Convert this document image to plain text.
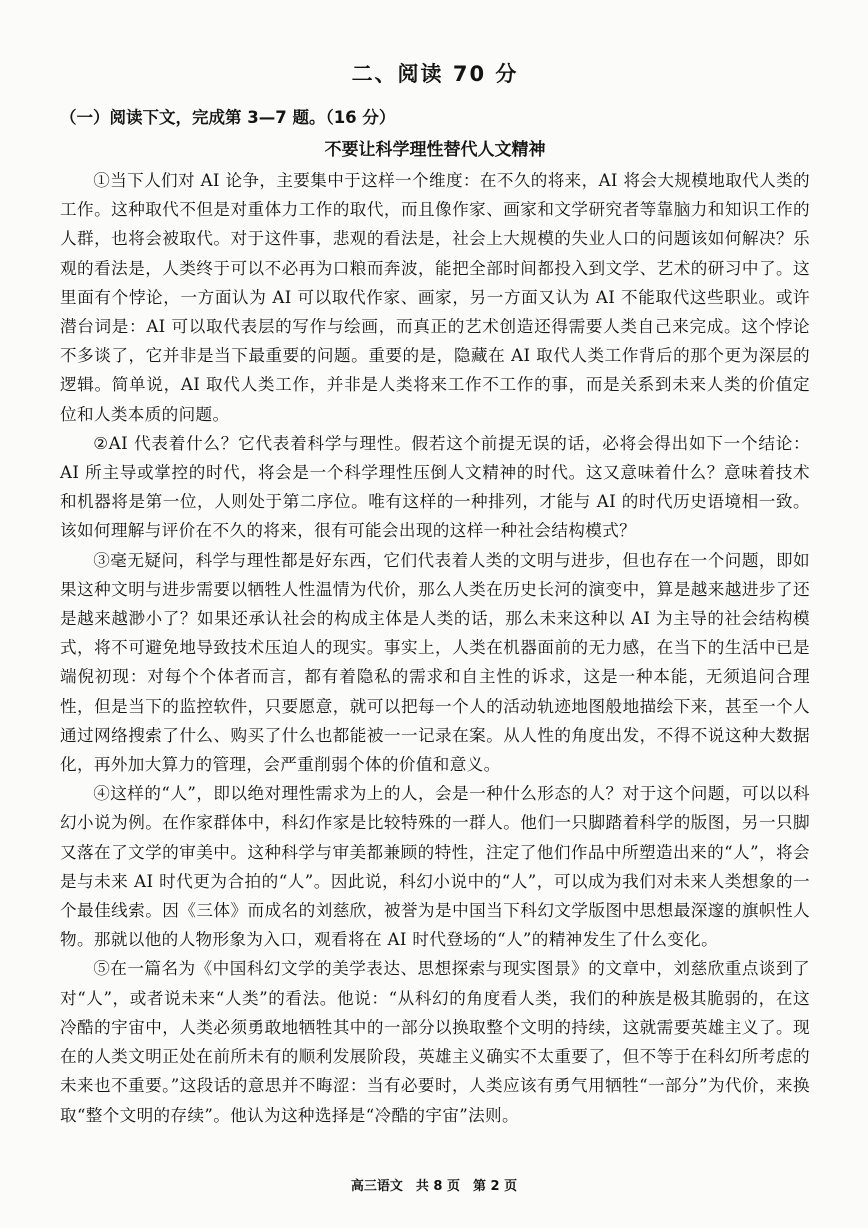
二、阅读 70 分

（一）阅读下文，完成第 3—7 题。（16 分）

不要让科学理性替代人文精神

①当下人们对 AI 论争，主要集中于这样一个维度：在不久的将来，AI 将会大规模地取代人类的工作。这种取代不但是对重体力工作的取代，而且像作家、画家和文学研究者等靠脑力和知识工作的人群，也将会被取代。对于这件事，悲观的看法是，社会上大规模的失业人口的问题该如何解决？乐观的看法是，人类终于可以不必再为口粮而奔波，能把全部时间都投入到文学、艺术的研习中了。这里面有个悖论，一方面认为 AI 可以取代作家、画家，另一方面又认为 AI 不能取代这些职业。或许潜台词是：AI 可以取代表层的写作与绘画，而真正的艺术创造还得需要人类自己来完成。这个悖论不多谈了，它并非是当下最重要的问题。重要的是，隐藏在 AI 取代人类工作背后的那个更为深层的逻辑。简单说，AI 取代人类工作，并非是人类将来工作不工作的事，而是关系到未来人类的价值定位和人类本质的问题。

②AI 代表着什么？它代表着科学与理性。假若这个前提无误的话，必将会得出如下一个结论：AI 所主导或掌控的时代，将会是一个科学理性压倒人文精神的时代。这又意味着什么？意味着技术和机器将是第一位，人则处于第二序位。唯有这样的一种排列，才能与 AI 的时代历史语境相一致。该如何理解与评价在不久的将来，很有可能会出现的这样一种社会结构模式？

③毫无疑问，科学与理性都是好东西，它们代表着人类的文明与进步，但也存在一个问题，即如果这种文明与进步需要以牺牲人性温情为代价，那么人类在历史长河的演变中，算是越来越进步了还是越来越渺小了？如果还承认社会的构成主体是人类的话，那么未来这种以 AI 为主导的社会结构模式，将不可避免地导致技术压迫人的现实。事实上，人类在机器面前的无力感，在当下的生活中已是端倪初现：对每个个体者而言，都有着隐私的需求和自主性的诉求，这是一种本能，无须追问合理性，但是当下的监控软件，只要愿意，就可以把每一个人的活动轨迹地图般地描绘下来，甚至一个人通过网络搜索了什么、购买了什么也都能被一一记录在案。从人性的角度出发，不得不说这种大数据化，再外加大算力的管理，会严重削弱个体的价值和意义。

④这样的“人”，即以绝对理性需求为上的人，会是一种什么形态的人？对于这个问题，可以以科幻小说为例。在作家群体中，科幻作家是比较特殊的一群人。他们一只脚踏着科学的版图，另一只脚又落在了文学的审美中。这种科学与审美都兼顾的特性，注定了他们作品中所塑造出来的“人”，将会是与未来 AI 时代更为合拍的“人”。因此说，科幻小说中的“人”，可以成为我们对未来人类想象的一个最佳线索。因《三体》而成名的刘慈欣，被誉为是中国当下科幻文学版图中思想最深邃的旗帜性人物。那就以他的人物形象为入口，观看将在 AI 时代登场的“人”的精神发生了什么变化。

⑤在一篇名为《中国科幻文学的美学表达、思想探索与现实图景》的文章中，刘慈欣重点谈到了对“人”，或者说未来“人类”的看法。他说：“从科幻的角度看人类，我们的种族是极其脆弱的，在这冷酷的宇宙中，人类必须勇敢地牺牲其中的一部分以换取整个文明的持续，这就需要英雄主义了。现在的人类文明正处在前所未有的顺利发展阶段，英雄主义确实不太重要了，但不等于在科幻所考虑的未来也不重要。”这段话的意思并不晦涩：当有必要时，人类应该有勇气用牺牲“一部分”为代价，来换取“整个文明的存续”。他认为这种选择是“冷酷的宇宙”法则。

高三语文　共 8 页　第 2 页
